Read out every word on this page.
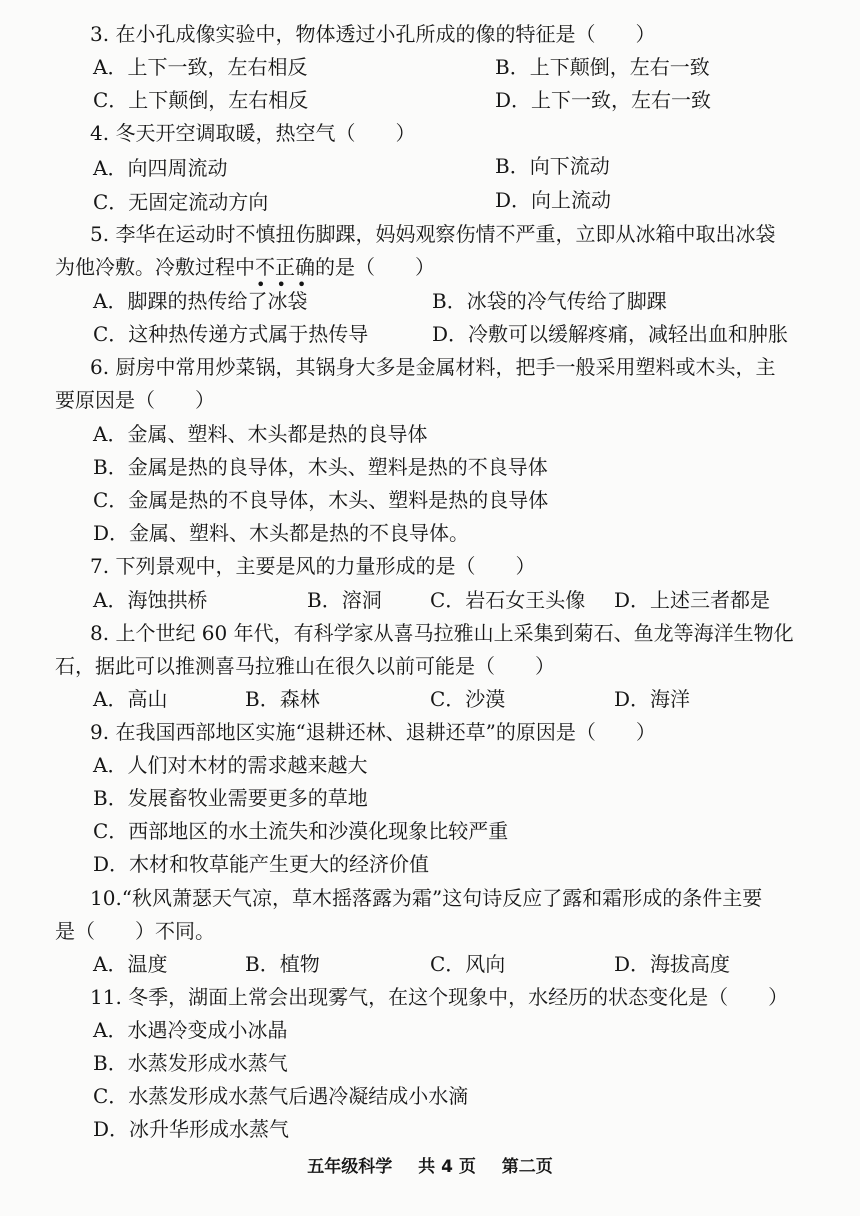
3. 在小孔成像实验中，物体透过小孔所成的像的特征是（　　）
A．上下一致，左右相反	B．上下颠倒，左右一致
C．上下颠倒，左右相反	D．上下一致，左右一致
4. 冬天开空调取暖，热空气（　　）
A．向四周流动	B．向下流动
C．无固定流动方向	D．向上流动
5. 李华在运动时不慎扭伤脚踝，妈妈观察伤情不严重，立即从冰箱中取出冰袋
为他冷敷。冷敷过程中不正确的是（　　）
•••
A．脚踝的热传给了冰袋	B．冰袋的冷气传给了脚踝
C．这种热传递方式属于热传导	D．冷敷可以缓解疼痛，减轻出血和肿胀
6. 厨房中常用炒菜锅，其锅身大多是金属材料，把手一般采用塑料或木头，主
要原因是（　　）
A．金属、塑料、木头都是热的良导体
B．金属是热的良导体，木头、塑料是热的不良导体
C．金属是热的不良导体，木头、塑料是热的良导体
D．金属、塑料、木头都是热的不良导体。
7. 下列景观中，主要是风的力量形成的是（　　）
A．海蚀拱桥	B．溶洞 C．岩石女王头像 D．上述三者都是
8. 上个世纪 60 年代，有科学家从喜马拉雅山上采集到菊石、鱼龙等海洋生物化
石，据此可以推测喜马拉雅山在很久以前可能是（　　）
A．高山	B．森林	C．沙漠	D．海洋
9. 在我国西部地区实施“退耕还林、退耕还草”的原因是（　　）
A．人们对木材的需求越来越大
B．发展畜牧业需要更多的草地
C．西部地区的水土流失和沙漠化现象比较严重
D．木材和牧草能产生更大的经济价值
10.“秋风萧瑟天气凉，草木摇落露为霜”这句诗反应了露和霜形成的条件主要
是（　　）不同。
A．温度	B．植物	C．风向	D．海拔高度
11. 冬季，湖面上常会出现雾气，在这个现象中，水经历的状态变化是（　　）
A．水遇冷变成小冰晶
B．水蒸发形成水蒸气
C．水蒸发形成水蒸气后遇冷凝结成小水滴
D．冰升华形成水蒸气
五年级科学 共 4 页 第二页
